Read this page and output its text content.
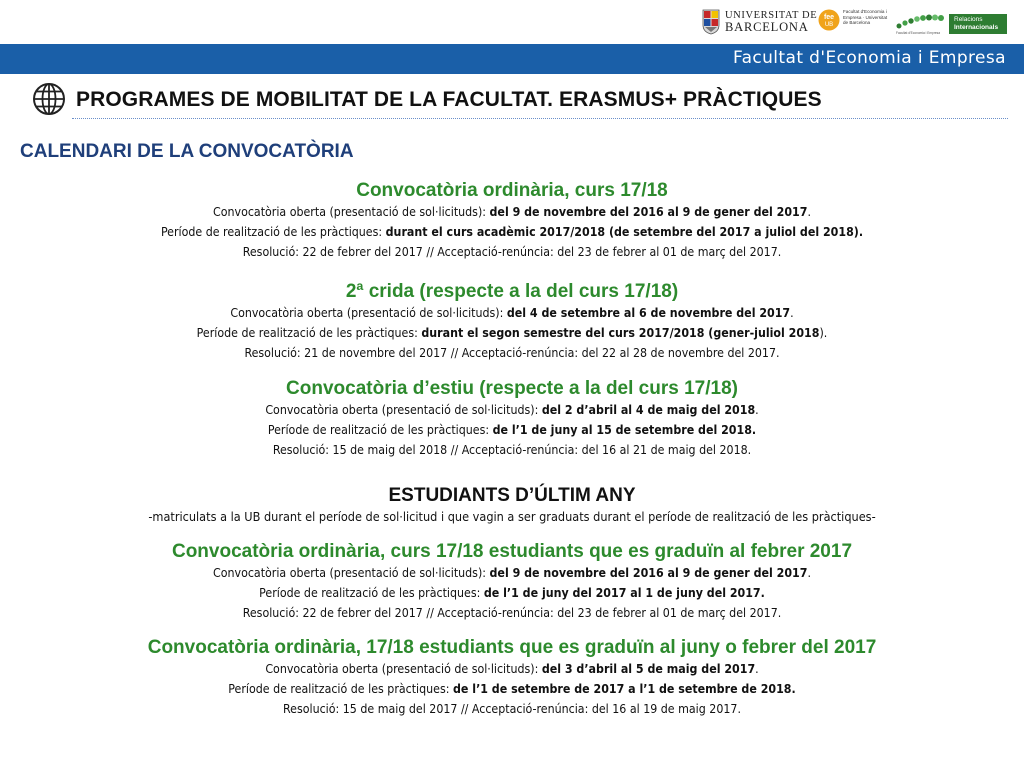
UNIVERSITAT DE
BARCELONA
fee
UB
Facultat d'Economia i Empresa · Universitat de Barcelona
Facultat d'Economia i Empresa
Relacions
Internacionals
Facultat d'Economia i Empresa
PROGRAMES DE MOBILITAT DE LA FACULTAT. ERASMUS+ PRÀCTIQUES
CALENDARI DE LA CONVOCATÒRIA
Convocatòria ordinària, curs 17/18
Convocatòria oberta (presentació de sol·licituds): del 9 de novembre del 2016 al 9 de gener del 2017.
Període de realització de les pràctiques: durant el curs acadèmic 2017/2018 (de setembre del 2017 a juliol del 2018).
Resolució: 22 de febrer del 2017 // Acceptació-renúncia: del 23 de febrer al 01 de març del 2017.
2ª crida (respecte a la del curs 17/18)
Convocatòria oberta (presentació de sol·licituds): del 4 de setembre al 6 de novembre del 2017.
Període de realització de les pràctiques: durant el segon semestre del curs 2017/2018 (gener-juliol 2018).
Resolució: 21 de novembre del 2017 // Acceptació-renúncia: del 22 al 28 de novembre del 2017.
Convocatòria d’estiu (respecte a la del curs 17/18)
Convocatòria oberta (presentació de sol·licituds): del 2 d’abril al 4 de maig del 2018.
Període de realització de les pràctiques: de l’1 de juny al 15 de setembre del 2018.
Resolució: 15 de maig del 2018 // Acceptació-renúncia: del 16 al 21 de maig del 2018.
ESTUDIANTS D’ÚLTIM ANY
-matriculats a la UB durant el període de sol·licitud i que vagin a ser graduats durant el període de realització de les pràctiques-
Convocatòria ordinària, curs 17/18 estudiants que es graduïn al febrer 2017
Convocatòria oberta (presentació de sol·licituds): del 9 de novembre del 2016 al 9 de gener del 2017.
Període de realització de les pràctiques: de l’1 de juny del 2017 al 1 de juny del 2017.
Resolució: 22 de febrer del 2017 // Acceptació-renúncia: del 23 de febrer al 01 de març del 2017.
Convocatòria ordinària, 17/18 estudiants que es graduïn al juny o febrer del 2017
Convocatòria oberta (presentació de sol·licituds): del 3 d’abril al 5 de maig del 2017.
Període de realització de les pràctiques: de l’1 de setembre de 2017 a l’1 de setembre de 2018.
Resolució: 15 de maig del 2017 // Acceptació-renúncia: del 16 al 19 de maig 2017.
